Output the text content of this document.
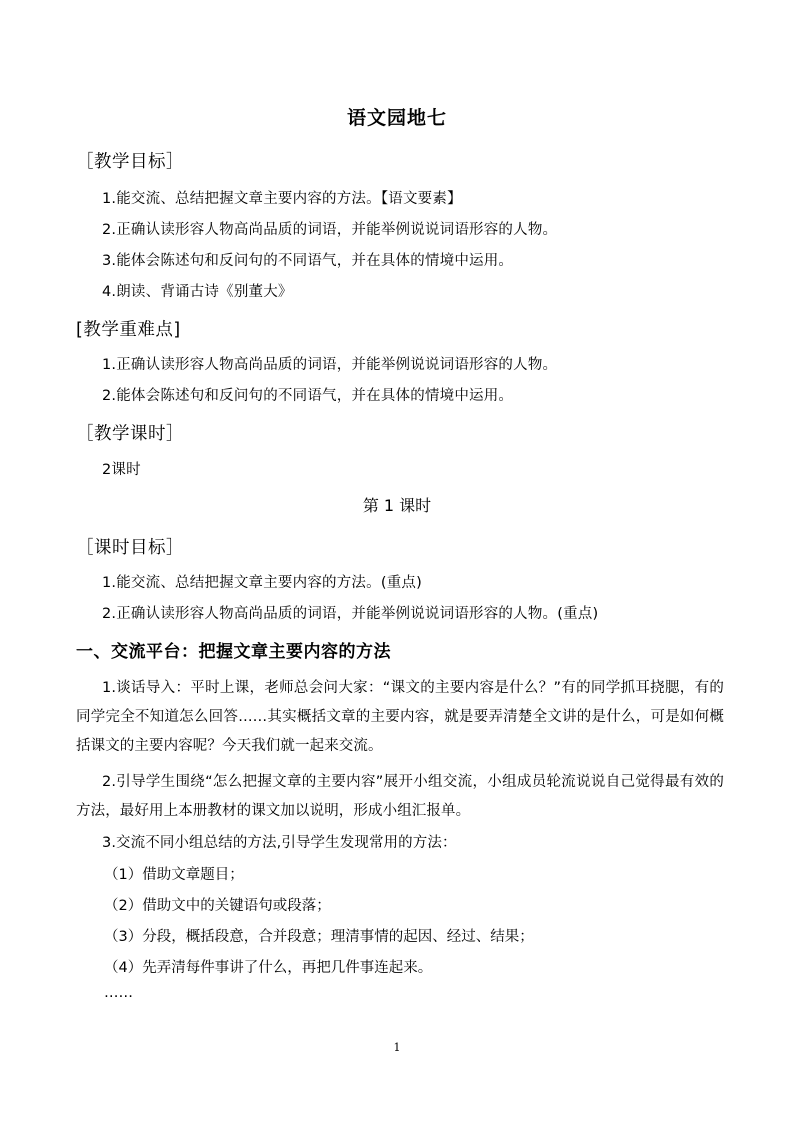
语文园地七
［教学目标］
1.能交流、总结把握文章主要内容的方法。【语文要素】
2.正确认读形容人物高尚品质的词语，并能举例说说词语形容的人物。
3.能体会陈述句和反问句的不同语气，并在具体的情境中运用。
4.朗读、背诵古诗《别董大》
[教学重难点]
1.正确认读形容人物高尚品质的词语，并能举例说说词语形容的人物。
2.能体会陈述句和反问句的不同语气，并在具体的情境中运用。
［教学课时］
2课时
第 1 课时
［课时目标］
1.能交流、总结把握文章主要内容的方法。(重点)
2.正确认读形容人物高尚品质的词语，并能举例说说词语形容的人物。(重点)
一、交流平台：把握文章主要内容的方法
1.谈话导入：平时上课，老师总会问大家：“课文的主要内容是什么？”有的同学抓耳挠腮，有的同学完全不知道怎么回答……其实概括文章的主要内容，就是要弄清楚全文讲的是什么，可是如何概括课文的主要内容呢？今天我们就一起来交流。
2.引导学生围绕“怎么把握文章的主要内容”展开小组交流，小组成员轮流说说自己觉得最有效的方法，最好用上本册教材的课文加以说明，形成小组汇报单。
3.交流不同小组总结的方法,引导学生发现常用的方法：
（1）借助文章题目；
（2）借助文中的关键语句或段落；
（3）分段，概括段意，合并段意；理清事情的起因、经过、结果；
（4）先弄清每件事讲了什么，再把几件事连起来。
……
1
